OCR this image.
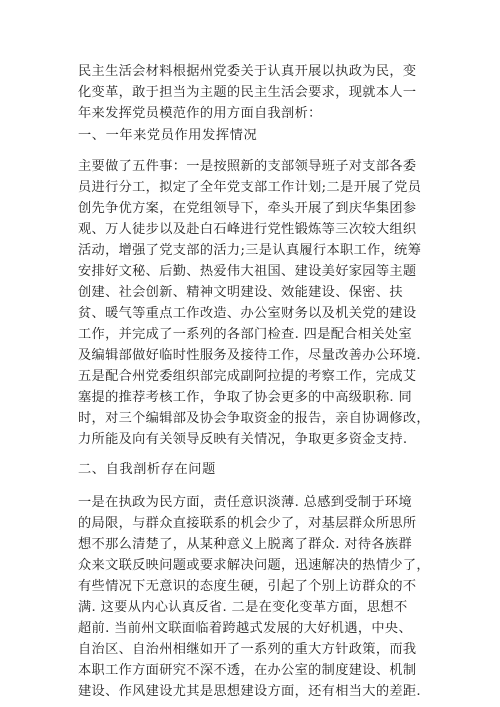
民主生活会材料根据州党委关于认真开展以执政为民，变

化变革，敢于担当为主题的民主生活会要求，现就本人一

年来发挥党员模范作的用方面自我剖析：

一、一年来党员作用发挥情况

主要做了五件事：一是按照新的支部领导班子对支部各委

员进行分工，拟定了全年党支部工作计划;二是开展了党员

创先争优方案，在党组领导下，牵头开展了到庆华集团参

观、万人徒步以及赴白石峰进行党性锻炼等三次较大组织

活动，增强了党支部的活力;三是认真履行本职工作，统筹

安排好文秘、后勤、热爱伟大祖国、建设美好家园等主题

创建、社会创新、精神文明建设、效能建设、保密、扶

贫、暖气等重点工作改造、办公室财务以及机关党的建设

工作，并完成了一系列的各部门检查. 四是配合相关处室

及编辑部做好临时性服务及接待工作，尽量改善办公环境.

五是配合州党委组织部完成副阿拉提的考察工作，完成艾

塞提的推荐考核工作，争取了协会更多的中高级职称. 同

时，对三个编辑部及协会争取资金的报告，亲自协调修改，

力所能及向有关领导反映有关情况，争取更多资金支持.

二、自我剖析存在问题

一是在执政为民方面，责任意识淡薄. 总感到受制于环境

的局限，与群众直接联系的机会少了，对基层群众所思所

想不那么清楚了，从某种意义上脱离了群众. 对待各族群

众来文联反映问题或要求解决问题，迅速解决的热情少了，

有些情况下无意识的态度生硬，引起了个别上访群众的不

满. 这要从内心认真反省. 二是在变化变革方面，思想不

超前. 当前州文联面临着跨越式发展的大好机遇，中央、

自治区、自治州相继如开了一系列的重大方针政策，而我

本职工作方面研究不深不透，在办公室的制度建设、机制

建设、作风建设尤其是思想建设方面，还有相当大的差距.
